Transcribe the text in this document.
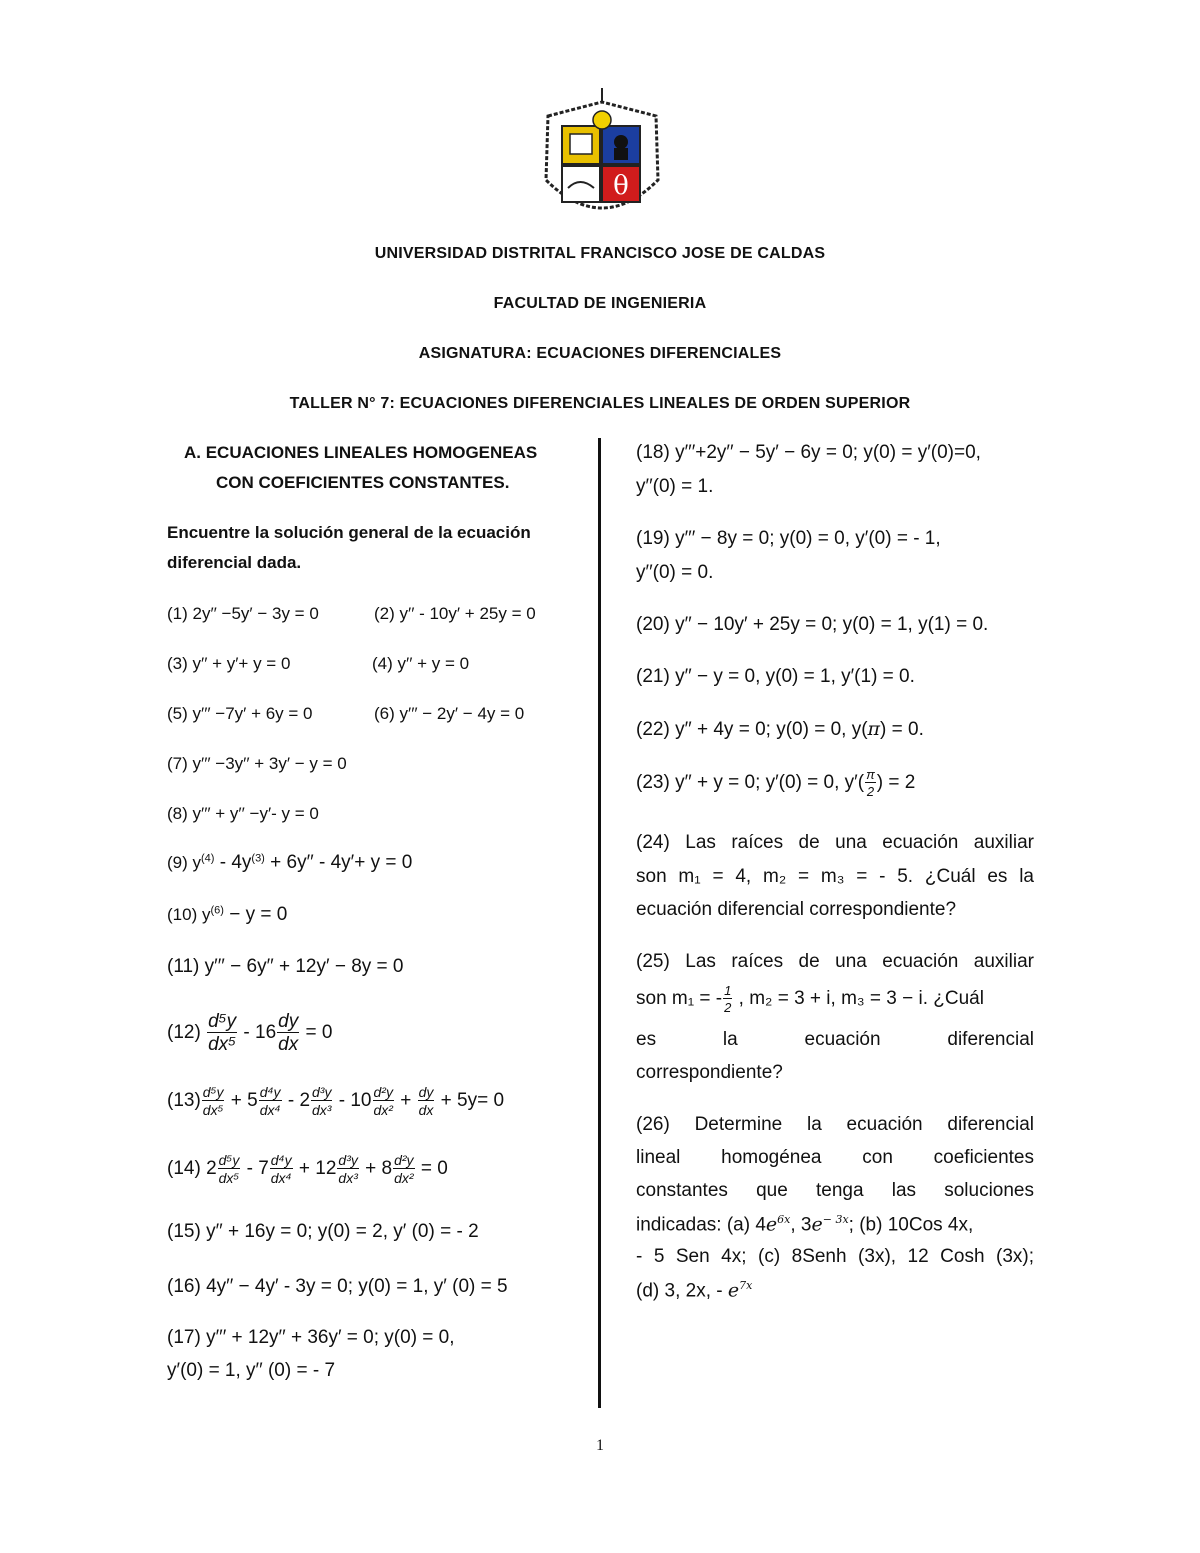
θ
UNIVERSIDAD DISTRITAL FRANCISCO JOSE DE CALDAS
FACULTAD DE INGENIERIA
ASIGNATURA: ECUACIONES DIFERENCIALES
TALLER N° 7: ECUACIONES DIFERENCIALES LINEALES DE ORDEN SUPERIOR
A. ECUACIONES LINEALES HOMOGENEAS
CON COEFICIENTES CONSTANTES.
Encuentre la solución general de la ecuación
diferencial dada.
(1) 2y′′ −5y′ − 3y = 0	(2) y′′ - 10y′ + 25y = 0
(3) y′′ + y′+ y = 0	(4) y′′ + y = 0
(5) y′′′ −7y′ + 6y = 0	(6) y′′′ − 2y′ − 4y = 0
(7) y′′′ −3y′′ + 3y′ − y = 0
(8) y′′′ + y′′ −y′- y = 0
(9) $y^{(4)} - 4y^{(3)} + 6y'' - 4y'+ y = 0$
(10) $y^{(6)} - y = 0$
(11) y′′′ − 6y′′ + 12y′ − 8y = 0
$(12) \frac{\text{d⁵y}}{\text{dx⁵}} - 16 \frac{dy}{dx} = 0$
$(13) \frac{\text{d⁵y}}{\text{dx⁵}} + 5 \frac{\text{d⁴y}}{\text{dx⁴}} - 2 \frac{\text{d³y}}{\text{dx³}} - 10 \frac{\text{d²y}}{\text{dx²}} + \frac{dy}{dx} + 5y= 0$
(14) $2 \frac{\text{d⁵y}}{\text{dx⁵}} - 7 \frac{\text{d⁴y}}{\text{dx⁴}} + 12 \frac{\text{d³y}}{\text{dx³}} + 8 \frac{\text{d²y}}{\text{dx²}} = 0$
(15) y′′ + 16y = 0; y(0) = 2, y′ (0) = - 2
(16) 4y′′ − 4y′ - 3y = 0; y(0) = 1, y′ (0) = 5
(17) y′′′ + 12y′′ + 36y′ = 0; y(0) = 0,
y′(0) = 1, y′′ (0) = - 7
(18) y′′′+2y′′ − 5y′ − 6y = 0; y(0) = y′(0)=0,
y′′(0) = 1.
(19) y′′′ − 8y = 0; y(0) = 0, y′(0) = - 1,
y′′(0) = 0.
(20) y′′ − 10y′ + 25y = 0; y(0) = 1, y(1) = 0.
(21) y′′ − y = 0, y(0) = 1, y′(1) = 0.
(22) y′′ + 4y = 0; y(0) = 0, y(π) = 0.
(23) y′′ + y = 0; y′(0) = 0, $y'( \frac{\pi}{2}$ ) = 2
(24) Las raíces de una ecuación auxiliar
son m₁ = 4, m₂ = m₃ = - 5. ¿Cuál es la
ecuación diferencial correspondiente?
(25) Las raíces de una ecuación auxiliar
son m₁ = - $\frac{1}{2}$ , m₂ = 3 + i, m₃ = 3 − i. ¿Cuál
es la ecuación diferencial
correspondiente?
(26) Determine la ecuación diferencial
lineal homogénea con coeficientes
constantes que tenga las soluciones
indicadas: (a) $4e^{6x}$, $3e^{- 3x}$; (b) 10Cos 4x,
- 5 Sen 4x; (c) 8Senh (3x), 12 Cosh (3x);
(d) 3, 2x, - $e^{7x}$
1
